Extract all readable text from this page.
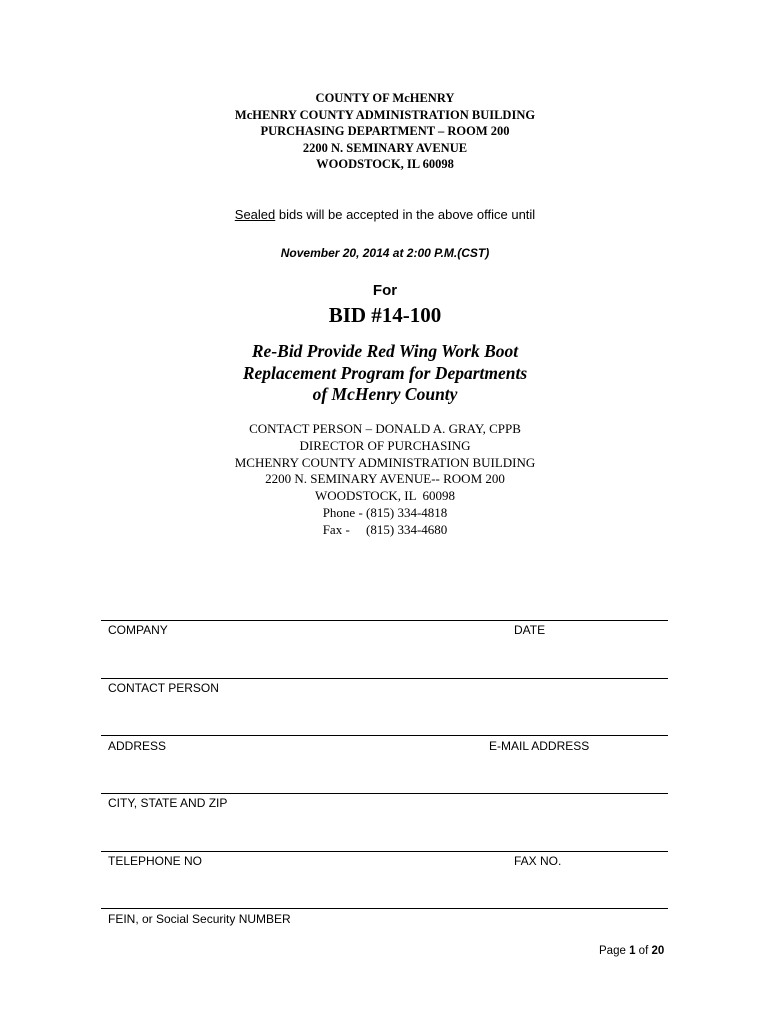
COUNTY OF McHENRY
McHENRY COUNTY ADMINISTRATION BUILDING
PURCHASING DEPARTMENT – ROOM 200
2200 N. SEMINARY AVENUE
WOODSTOCK, IL 60098
Sealed bids will be accepted in the above office until
November 20, 2014 at 2:00 P.M.(CST)
For
BID #14-100
Re-Bid Provide Red Wing Work Boot
Replacement Program for Departments
of McHenry County
CONTACT PERSON – DONALD A. GRAY, CPPB
DIRECTOR OF PURCHASING
MCHENRY COUNTY ADMINISTRATION BUILDING
2200 N. SEMINARY AVENUE-- ROOM 200
WOODSTOCK, IL  60098
Phone - (815) 334-4818
Fax -     (815) 334-4680
COMPANY	DATE
CONTACT PERSON
ADDRESS	E-MAIL ADDRESS
CITY, STATE AND ZIP
TELEPHONE NO	FAX NO.
FEIN, or Social Security NUMBER
Page 1 of 20
